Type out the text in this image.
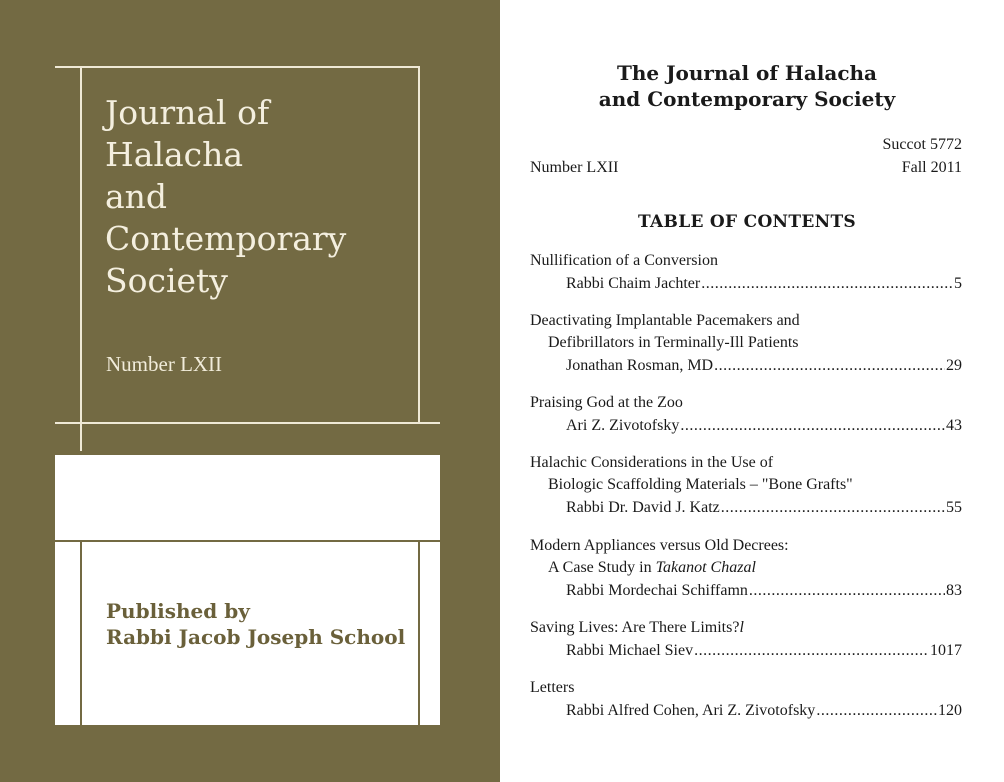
Journal of
Halacha
and
Contemporary
Society
Number LXII
Published by
Rabbi Jacob Joseph School
The Journal of Halacha
and Contemporary Society
Succot 5772
Number LXII	Fall 2011
TABLE OF CONTENTS
Nullification of a Conversion
Rabbi Chaim Jachter .....	5
Deactivating Implantable Pacemakers and
Defibrillators in Terminally-Ill Patients
Jonathan Rosman, MD .....	29
Praising God at the Zoo
Ari Z. Zivotofsky .....	43
Halachic Considerations in the Use of
Biologic Scaffolding Materials – "Bone Grafts"
Rabbi Dr. David J. Katz .....	55
Modern Appliances versus Old Decrees:
A Case Study in Takanot Chazal
Rabbi Mordechai Schiffamn .....	83
Saving Lives: Are There Limits?l
Rabbi Michael Siev .....	1017
Letters
Rabbi Alfred Cohen, Ari Z. Zivotofsky .....	120
